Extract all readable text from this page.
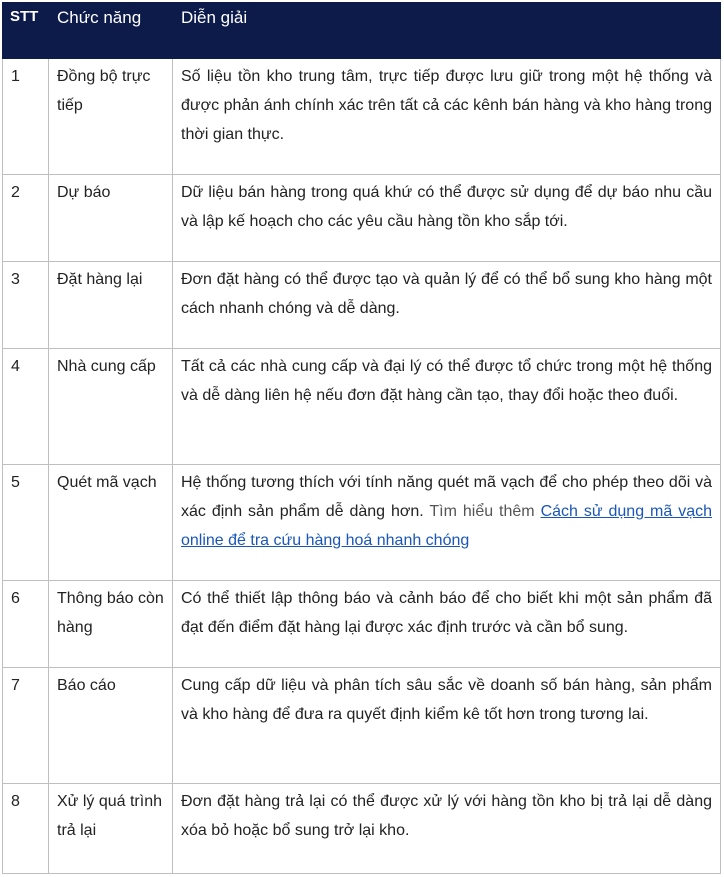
STT	Chức năng	Diễn giải

1	Đồng bộ trực tiếp	Số liệu tồn kho trung tâm, trực tiếp được lưu giữ trong một hệ thống và được phản ánh chính xác trên tất cả các kênh bán hàng và kho hàng trong thời gian thực.

2	Dự báo	Dữ liệu bán hàng trong quá khứ có thể được sử dụng để dự báo nhu cầu và lập kế hoạch cho các yêu cầu hàng tồn kho sắp tới.

3	Đặt hàng lại	Đơn đặt hàng có thể được tạo và quản lý để có thể bổ sung kho hàng một cách nhanh chóng và dễ dàng.

4	Nhà cung cấp	Tất cả các nhà cung cấp và đại lý có thể được tổ chức trong một hệ thống và dễ dàng liên hệ nếu đơn đặt hàng cần tạo, thay đổi hoặc theo đuổi.

5	Quét mã vạch	Hệ thống tương thích với tính năng quét mã vạch để cho phép theo dõi và xác định sản phẩm dễ dàng hơn. Tìm hiểu thêm Cách sử dụng mã vạch online để tra cứu hàng hoá nhanh chóng

6	Thông báo còn hàng	Có thể thiết lập thông báo và cảnh báo để cho biết khi một sản phẩm đã đạt đến điểm đặt hàng lại được xác định trước và cần bổ sung.

7	Báo cáo	Cung cấp dữ liệu và phân tích sâu sắc về doanh số bán hàng, sản phẩm và kho hàng để đưa ra quyết định kiểm kê tốt hơn trong tương lai.

8	Xử lý quá trình trả lại	Đơn đặt hàng trả lại có thể được xử lý với hàng tồn kho bị trả lại dễ dàng xóa bỏ hoặc bổ sung trở lại kho.
